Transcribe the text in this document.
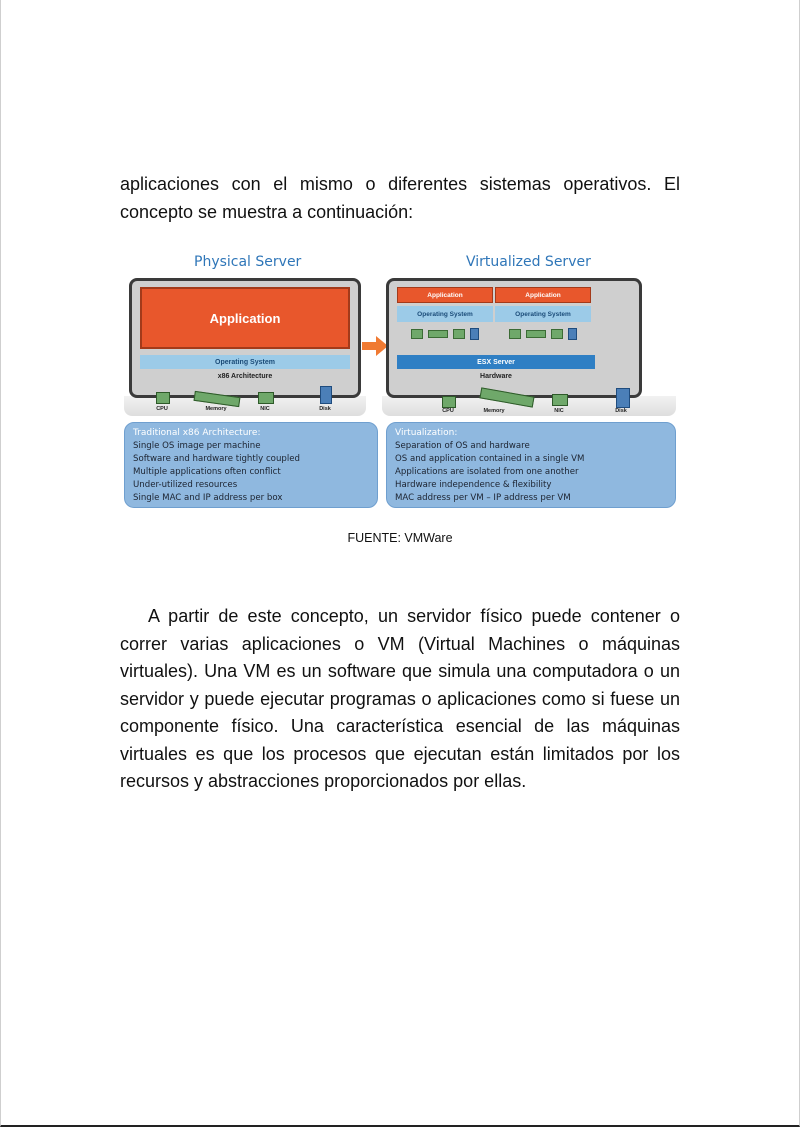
aplicaciones con el mismo o diferentes sistemas operativos. El concepto se muestra a continuación:

Physical Server	Virtualized Server
Application
Operating System
x86 Architecture
Application
Operating System
Application
Operating System
ESX Server
Hardware
CPU	Memory	NIC	Disk	CPU	Memory	NIC	Disk
Traditional x86 Architecture:
Single OS image per machine
Software and hardware tightly coupled
Multiple applications often conflict
Under-utilized resources
Single MAC and IP address per box
Virtualization:
Separation of OS and hardware
OS and application contained in a single VM
Applications are isolated from one another
Hardware independence & flexibility
MAC address per VM – IP address per VM
FUENTE: VMWare

A partir de este concepto, un servidor físico puede contener o correr varias aplicaciones o VM (Virtual Machines o máquinas virtuales). Una VM es un software que simula una computadora o un servidor y puede ejecutar programas o aplicaciones como si fuese un componente físico. Una característica esencial de las máquinas virtuales es que los procesos que ejecutan están limitados por los recursos y abstracciones proporcionados por ellas.
